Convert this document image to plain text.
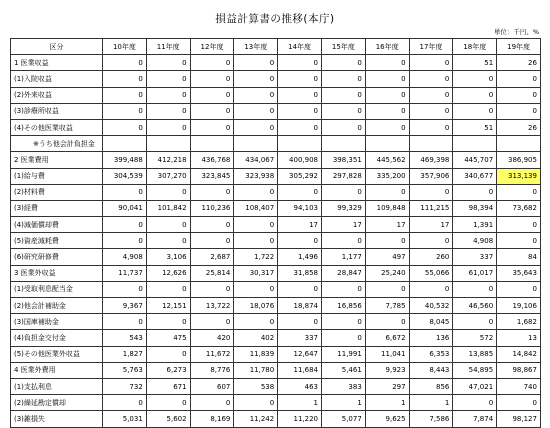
損益計算書の推移(本庁)
単位：千円、%
区分	10年度	11年度	12年度	13年度	14年度	15年度	16年度	17年度	18年度	19年度
1 医業収益	0	0	0	0	0	0	0	0	51	26
(1)入院収益	0	0	0	0	0	0	0	0	0	0
(2)外来収益	0	0	0	0	0	0	0	0	0	0
(3)診療所収益	0	0	0	0	0	0	0	0	0	0
(4)その他医業収益	0	0	0	0	0	0	0	0	51	26
※うち他会計負担金										
2 医業費用	399,488	412,218	436,768	434,067	400,908	398,351	445,562	469,398	445,707	386,905
(1)給与費	304,539	307,270	323,845	323,938	305,292	297,828	335,200	357,906	340,677	313,139
(2)材料費	0	0	0	0	0	0	0	0	0	0
(3)経費	90,041	101,842	110,236	108,407	94,103	99,329	109,848	111,215	98,394	73,682
(4)減価償却費	0	0	0	0	17	17	17	17	1,391	0
(5)資産減耗費	0	0	0	0	0	0	0	0	4,908	0
(6)研究研修費	4,908	3,106	2,687	1,722	1,496	1,177	497	260	337	84
3 医業外収益	11,737	12,626	25,814	30,317	31,858	28,847	25,240	55,066	61,017	35,643
(1)受取利息配当金	0	0	0	0	0	0	0	0	0	0
(2)他会計補助金	9,367	12,151	13,722	18,076	18,874	16,856	7,785	40,532	46,560	19,106
(3)国庫補助金	0	0	0	0	0	0	0	8,045	0	1,682
(4)負担金交付金	543	475	420	402	337	0	6,672	136	572	13
(5)その他医業外収益	1,827	0	11,672	11,839	12,647	11,991	11,041	6,353	13,885	14,842
4 医業外費用	5,763	6,273	8,776	11,780	11,684	5,461	9,923	8,443	54,895	98,867
(1)支払利息	732	671	607	538	463	383	297	856	47,021	740
(2)繰延勘定償却	0	0	0	0	1	1	1	1	0	0
(3)雑損失	5,031	5,602	8,169	11,242	11,220	5,077	9,625	7,586	7,874	98,127
